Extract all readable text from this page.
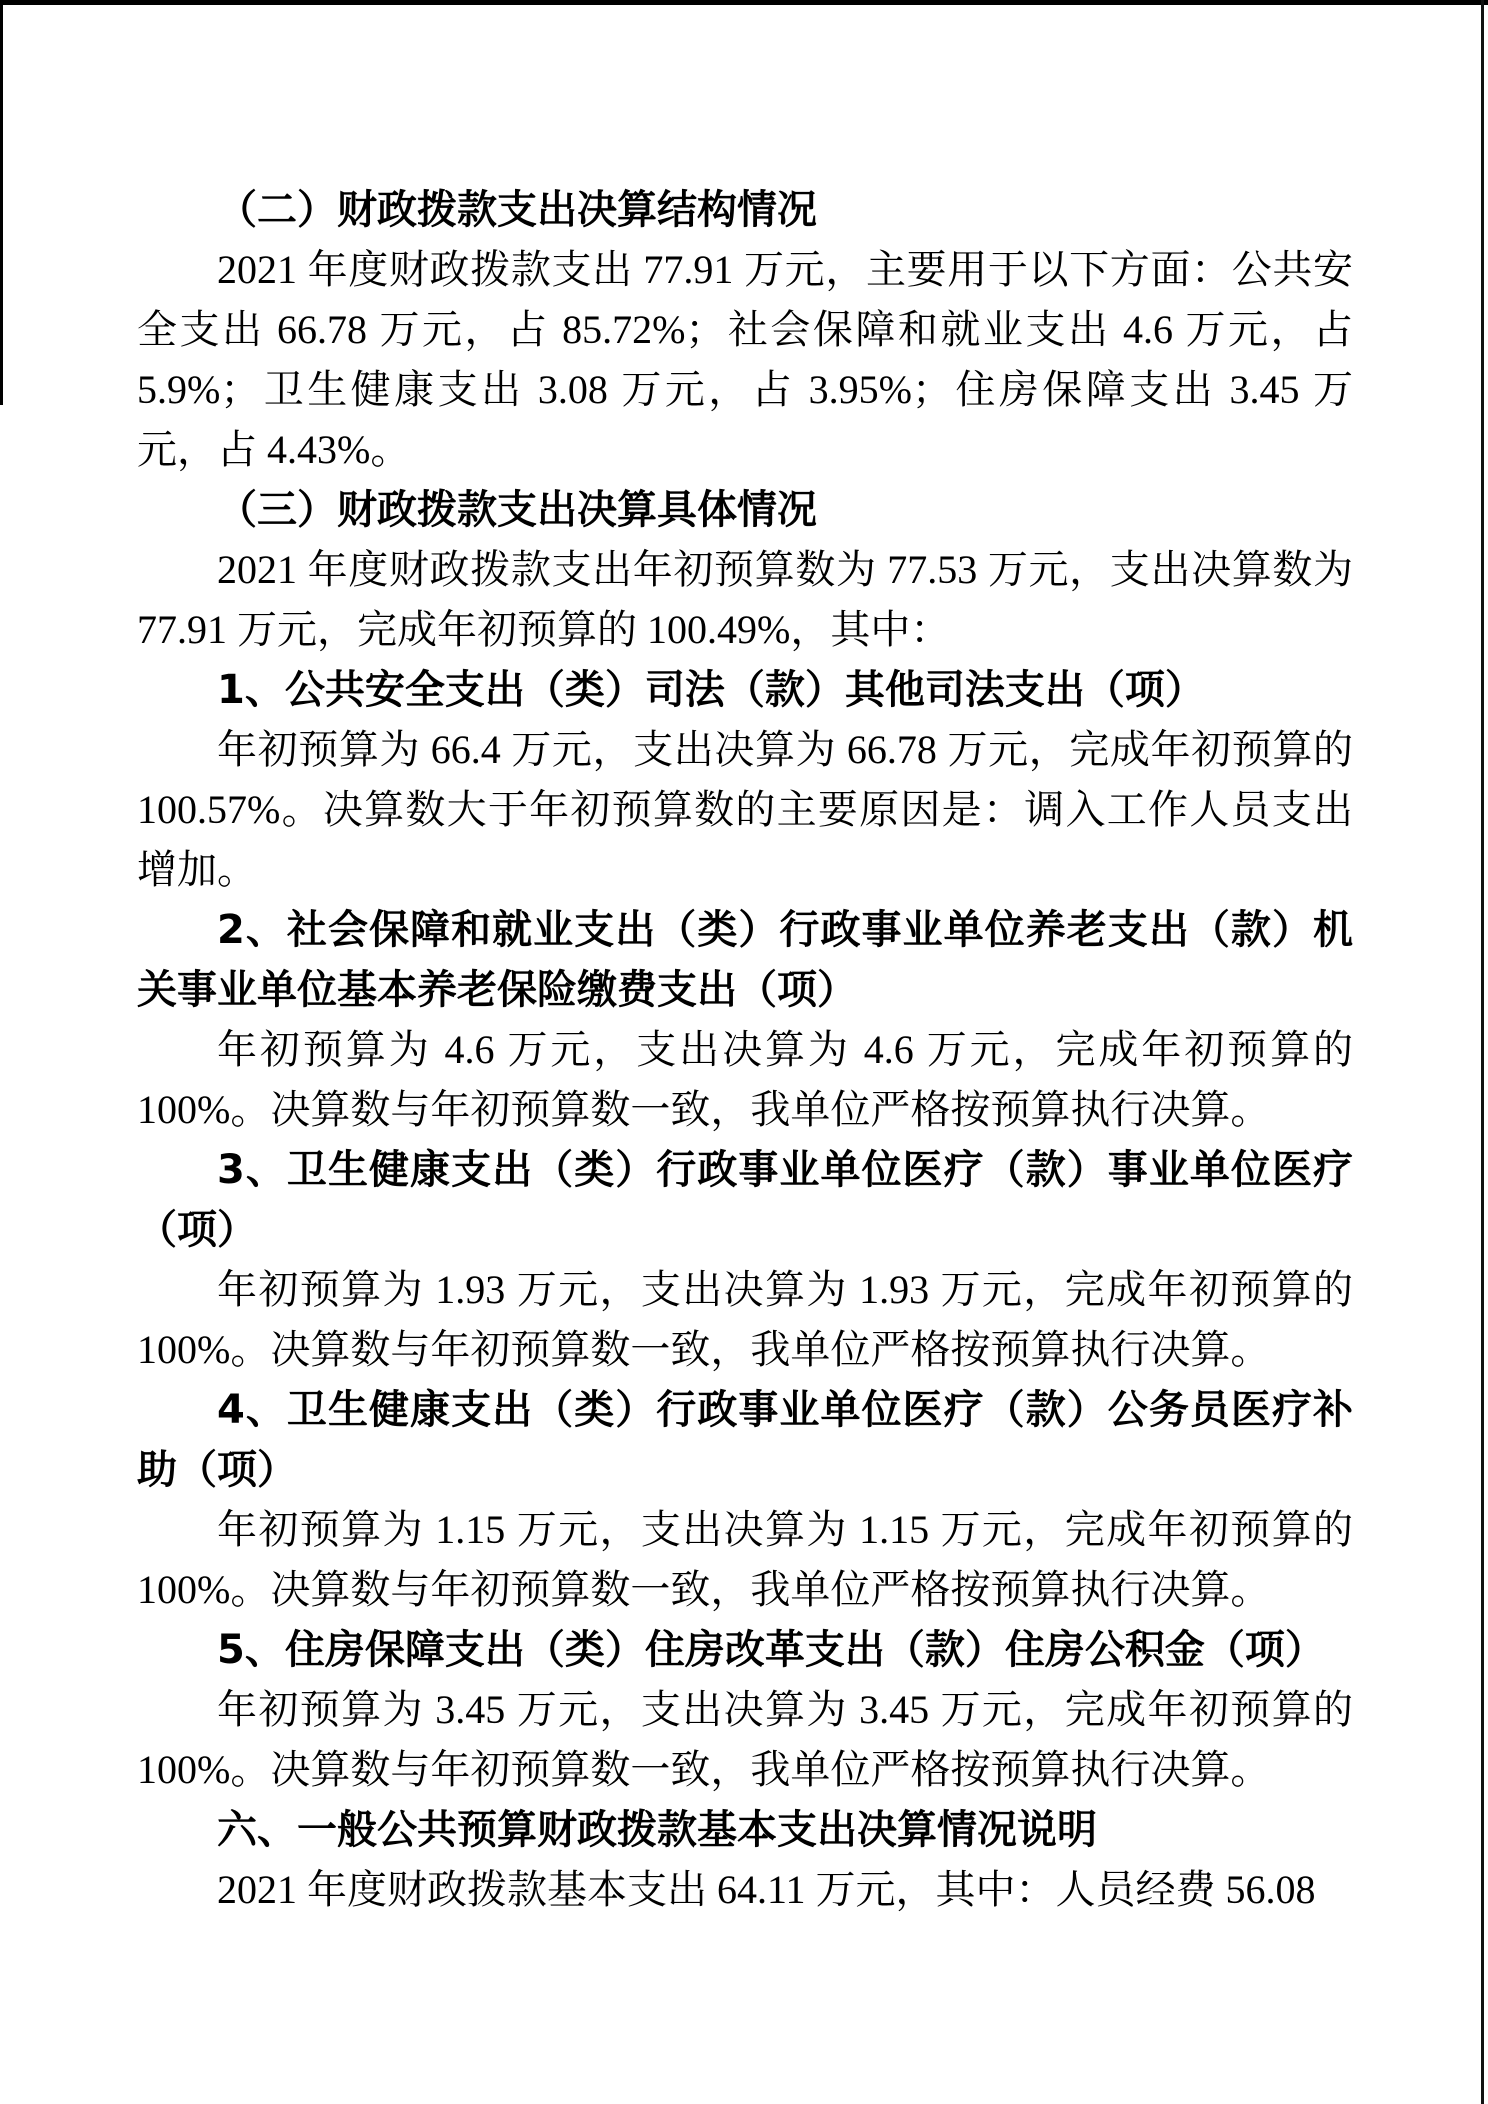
（二）财政拨款支出决算结构情况

2021 年度财政拨款支出 77.91 万元，主要用于以下方面：公共安全支出 66.78 万元，占 85.72%；社会保障和就业支出 4.6 万元，占 5.9%；卫生健康支出 3.08 万元，占 3.95%；住房保障支出 3.45 万元，占 4.43%。

（三）财政拨款支出决算具体情况

2021 年度财政拨款支出年初预算数为 77.53 万元，支出决算数为 77.91 万元，完成年初预算的 100.49%，其中：

1、公共安全支出（类）司法（款）其他司法支出（项）

年初预算为 66.4 万元，支出决算为 66.78 万元，完成年初预算的 100.57%。决算数大于年初预算数的主要原因是：调入工作人员支出增加。

2、社会保障和就业支出（类）行政事业单位养老支出（款）机关事业单位基本养老保险缴费支出（项）

年初预算为 4.6 万元，支出决算为 4.6 万元，完成年初预算的 100%。决算数与年初预算数一致，我单位严格按预算执行决算。

3、卫生健康支出（类）行政事业单位医疗（款）事业单位医疗（项）

年初预算为 1.93 万元，支出决算为 1.93 万元，完成年初预算的 100%。决算数与年初预算数一致，我单位严格按预算执行决算。

4、卫生健康支出（类）行政事业单位医疗（款）公务员医疗补助（项）

年初预算为 1.15 万元，支出决算为 1.15 万元，完成年初预算的 100%。决算数与年初预算数一致，我单位严格按预算执行决算。

5、住房保障支出（类）住房改革支出（款）住房公积金（项）

年初预算为 3.45 万元，支出决算为 3.45 万元，完成年初预算的 100%。决算数与年初预算数一致，我单位严格按预算执行决算。

六、一般公共预算财政拨款基本支出决算情况说明

2021 年度财政拨款基本支出 64.11 万元，其中：人员经费 56.08
